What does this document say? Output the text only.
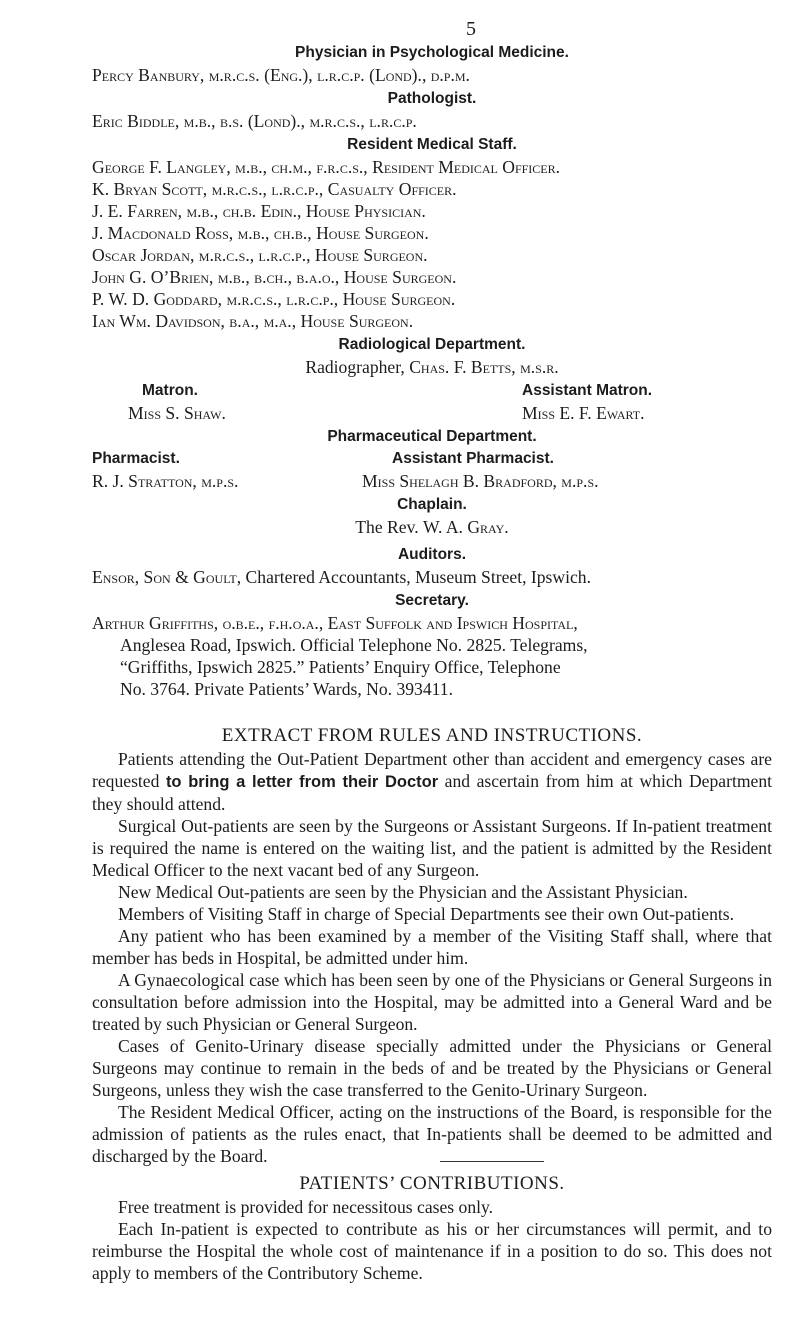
5
Physician in Psychological Medicine.
Percy Banbury, m.r.c.s. (Eng.), l.r.c.p. (Lond)., d.p.m.
Pathologist.
Eric Biddle, m.b., b.s. (Lond)., m.r.c.s., l.r.c.p.
Resident Medical Staff.
George F. Langley, m.b., ch.m., f.r.c.s., Resident Medical Officer.
K. Bryan Scott, m.r.c.s., l.r.c.p., Casualty Officer.
J. E. Farren, m.b., ch.b. Edin., House Physician.
J. Macdonald Ross, m.b., ch.b., House Surgeon.
Oscar Jordan, m.r.c.s., l.r.c.p., House Surgeon.
John G. O’Brien, m.b., b.ch., b.a.o., House Surgeon.
P. W. D. Goddard, m.r.c.s., l.r.c.p., House Surgeon.
Ian Wm. Davidson, b.a., m.a., House Surgeon.
Radiological Department.
Radiographer, Chas. F. Betts, m.s.r.
Matron.
Miss S. Shaw.
Assistant Matron.
Miss E. F. Ewart.
Pharmaceutical Department.
Pharmacist.
R. J. Stratton, m.p.s.
Assistant Pharmacist.
Miss Shelagh B. Bradford, m.p.s.
Chaplain.
The Rev. W. A. Gray.
Auditors.
Ensor, Son & Goult, Chartered Accountants, Museum Street, Ipswich.
Secretary.
Arthur Griffiths, o.b.e., f.h.o.a., East Suffolk and Ipswich Hospital,
Anglesea Road, Ipswich. Official Telephone No. 2825. Telegrams,
“Griffiths, Ipswich 2825.” Patients’ Enquiry Office, Telephone
No. 3764. Private Patients’ Wards, No. 393411.
EXTRACT FROM RULES AND INSTRUCTIONS.
Patients attending the Out-Patient Department other than accident and emergency cases are requested to bring a letter from their Doctor and ascertain from him at which Department they should attend.
Surgical Out-patients are seen by the Surgeons or Assistant Surgeons. If In-patient treatment is required the name is entered on the waiting list, and the patient is admitted by the Resident Medical Officer to the next vacant bed of any Surgeon.
New Medical Out-patients are seen by the Physician and the Assistant Physician.
Members of Visiting Staff in charge of Special Departments see their own Out-patients.
Any patient who has been examined by a member of the Visiting Staff shall, where that member has beds in Hospital, be admitted under him.
A Gynaecological case which has been seen by one of the Physicians or General Surgeons in consultation before admission into the Hospital, may be admitted into a General Ward and be treated by such Physician or General Surgeon.
Cases of Genito-Urinary disease specially admitted under the Physicians or General Surgeons may continue to remain in the beds of and be treated by the Physicians or General Surgeons, unless they wish the case transferred to the Genito-Urinary Surgeon.
The Resident Medical Officer, acting on the instructions of the Board, is responsible for the admission of patients as the rules enact, that In-patients shall be deemed to be admitted and discharged by the Board.
PATIENTS’ CONTRIBUTIONS.
Free treatment is provided for necessitous cases only.
Each In-patient is expected to contribute as his or her circumstances will permit, and to reimburse the Hospital the whole cost of maintenance if in a position to do so. This does not apply to members of the Contributory Scheme.
